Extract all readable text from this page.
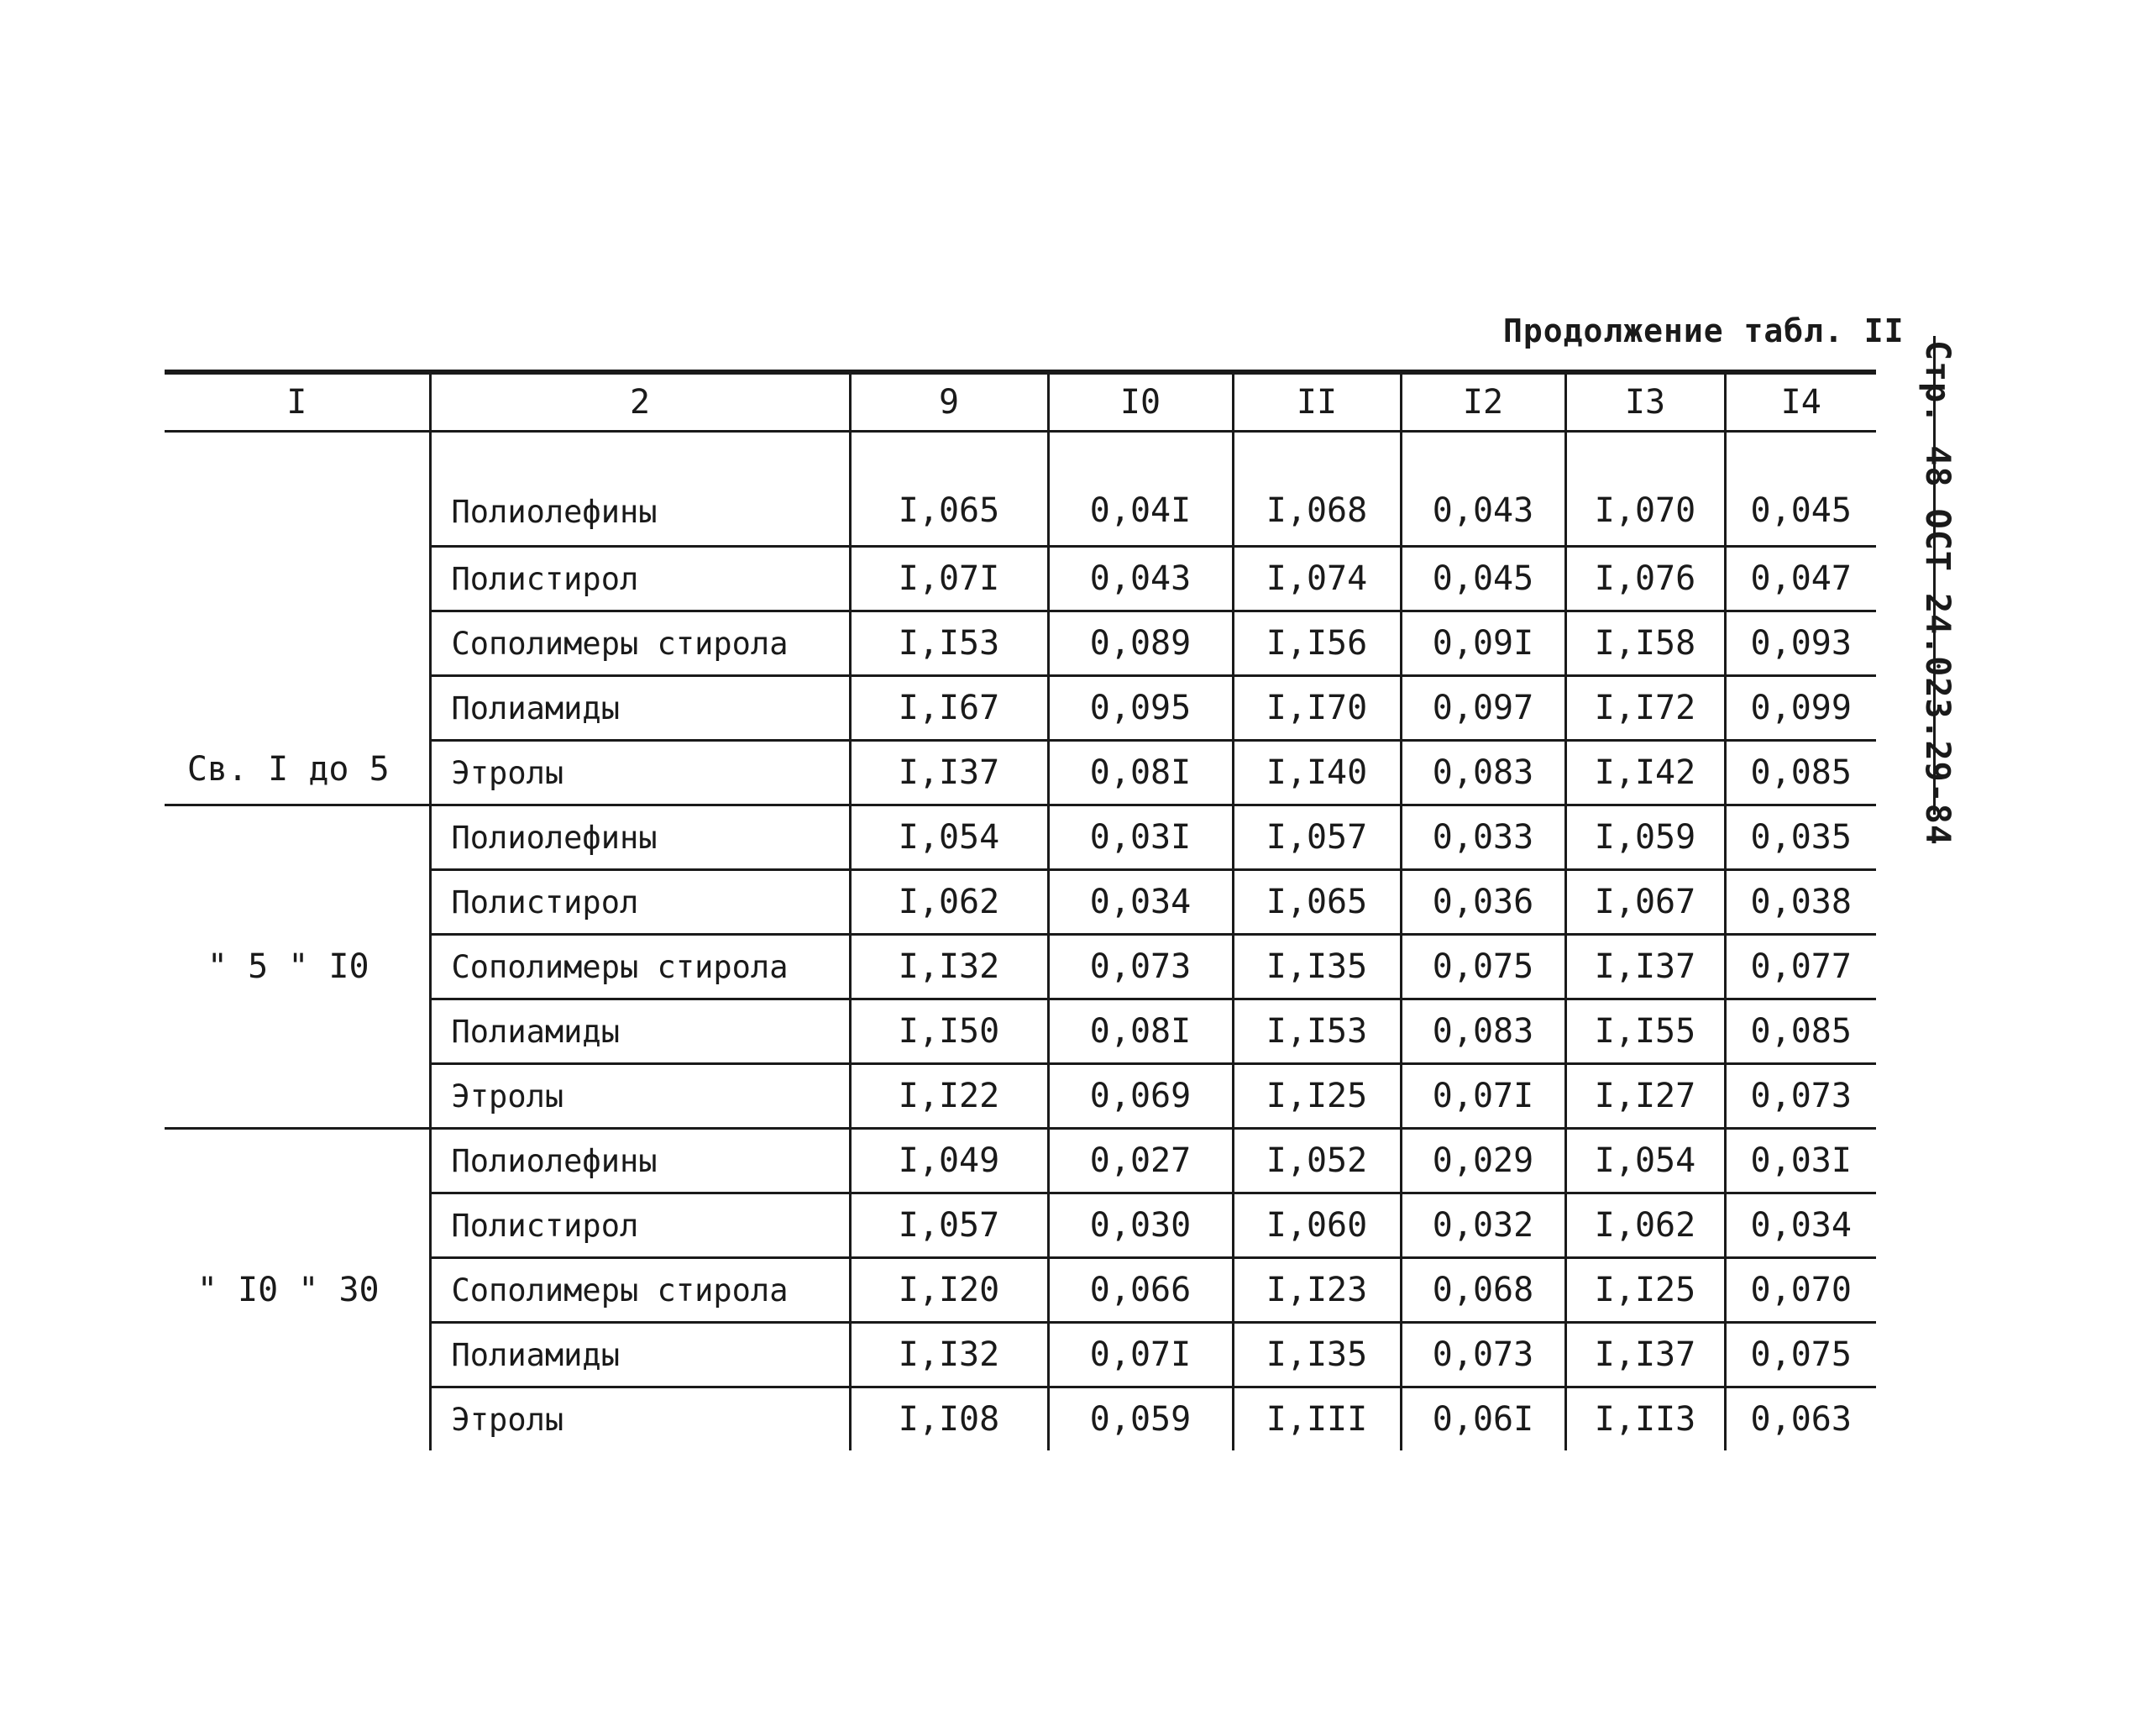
Продолжение табл. II
Стр. 48 ОСТ 24.023.29-84
I	2	9	I0	II	I2	I3	I4
Св. I до 5	Полиолефины	I,065	0,04I	I,068	0,043	I,070	0,045
	Полистирол	I,07I	0,043	I,074	0,045	I,076	0,047
	Сополимеры стирола	I,I53	0,089	I,I56	0,09I	I,I58	0,093
	Полиамиды	I,I67	0,095	I,I70	0,097	I,I72	0,099
	Этролы	I,I37	0,08I	I,I40	0,083	I,I42	0,085
" 5 " I0	Полиолефины	I,054	0,03I	I,057	0,033	I,059	0,035
	Полистирол	I,062	0,034	I,065	0,036	I,067	0,038
	Сополимеры стирола	I,I32	0,073	I,I35	0,075	I,I37	0,077
	Полиамиды	I,I50	0,08I	I,I53	0,083	I,I55	0,085
	Этролы	I,I22	0,069	I,I25	0,07I	I,I27	0,073
" I0 " 30	Полиолефины	I,049	0,027	I,052	0,029	I,054	0,03I
	Полистирол	I,057	0,030	I,060	0,032	I,062	0,034
	Сополимеры стирола	I,I20	0,066	I,I23	0,068	I,I25	0,070
	Полиамиды	I,I32	0,07I	I,I35	0,073	I,I37	0,075
	Этролы	I,I08	0,059	I,III	0,06I	I,II3	0,063
